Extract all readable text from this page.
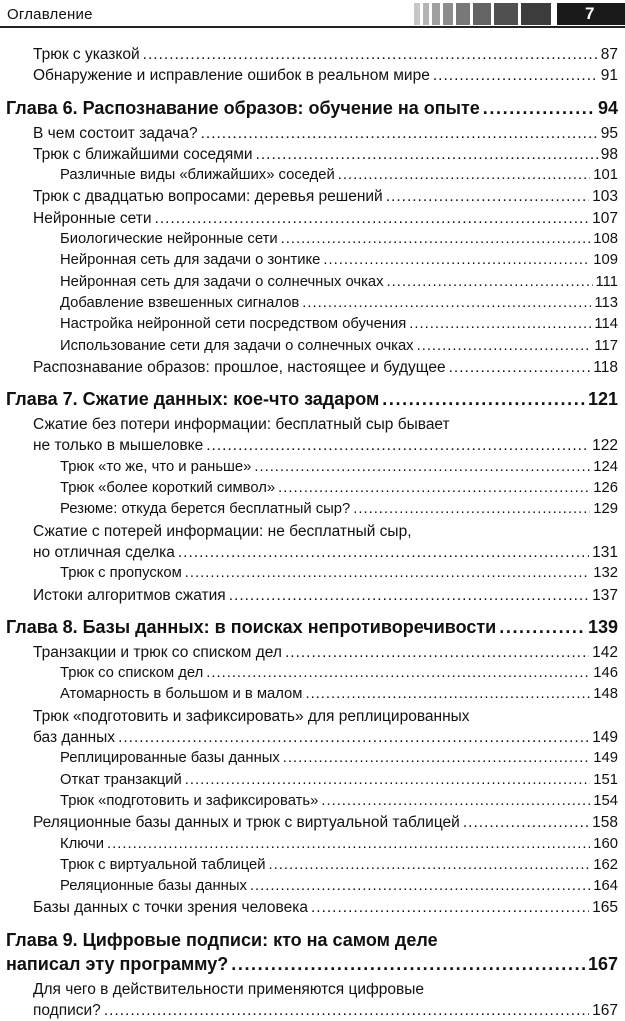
Оглавление	7
Трюк с указкой .....	87
Обнаружение и исправление ошибок в реальном мире .....	91
Глава 6. Распознавание образов: обучение на опыте .....	94
В чем состоит задача? .....	95
Трюк с ближайшими соседями .....	98
Различные виды «ближайших» соседей .....	101
Трюк с двадцатью вопросами: деревья решений .....	103
Нейронные сети .....	107
Биологические нейронные сети .....	108
Нейронная сеть для задачи о зонтике .....	109
Нейронная сеть для задачи о солнечных очках .....	111
Добавление взвешенных сигналов .....	113
Настройка нейронной сети посредством обучения .....	114
Использование сети для задачи о солнечных очках .....	117
Распознавание образов: прошлое, настоящее и будущее .....	118
Глава 7. Сжатие данных: кое-что задаром .....	121
Сжатие без потери информации: бесплатный сыр бывает
не только в мышеловке .....	122
Трюк «то же, что и раньше» .....	124
Трюк «более короткий символ» .....	126
Резюме: откуда берется бесплатный сыр? .....	129
Сжатие с потерей информации: не бесплатный сыр,
но отличная сделка .....	131
Трюк с пропуском .....	132
Истоки алгоритмов сжатия .....	137
Глава 8. Базы данных: в поисках непротиворечивости .....	139
Транзакции и трюк со списком дел .....	142
Трюк со списком дел .....	146
Атомарность в большом и в малом .....	148
Трюк «подготовить и зафиксировать» для реплицированных
баз данных .....	149
Реплицированные базы данных .....	149
Откат транзакций .....	151
Трюк «подготовить и зафиксировать» .....	154
Реляционные базы данных и трюк с виртуальной таблицей .....	158
Ключи .....	160
Трюк с виртуальной таблицей .....	162
Реляционные базы данных .....	164
Базы данных с точки зрения человека .....	165
Глава 9. Цифровые подписи: кто на самом деле
написал эту программу? .....	167
Для чего в действительности применяются цифровые
подписи? .....	167
